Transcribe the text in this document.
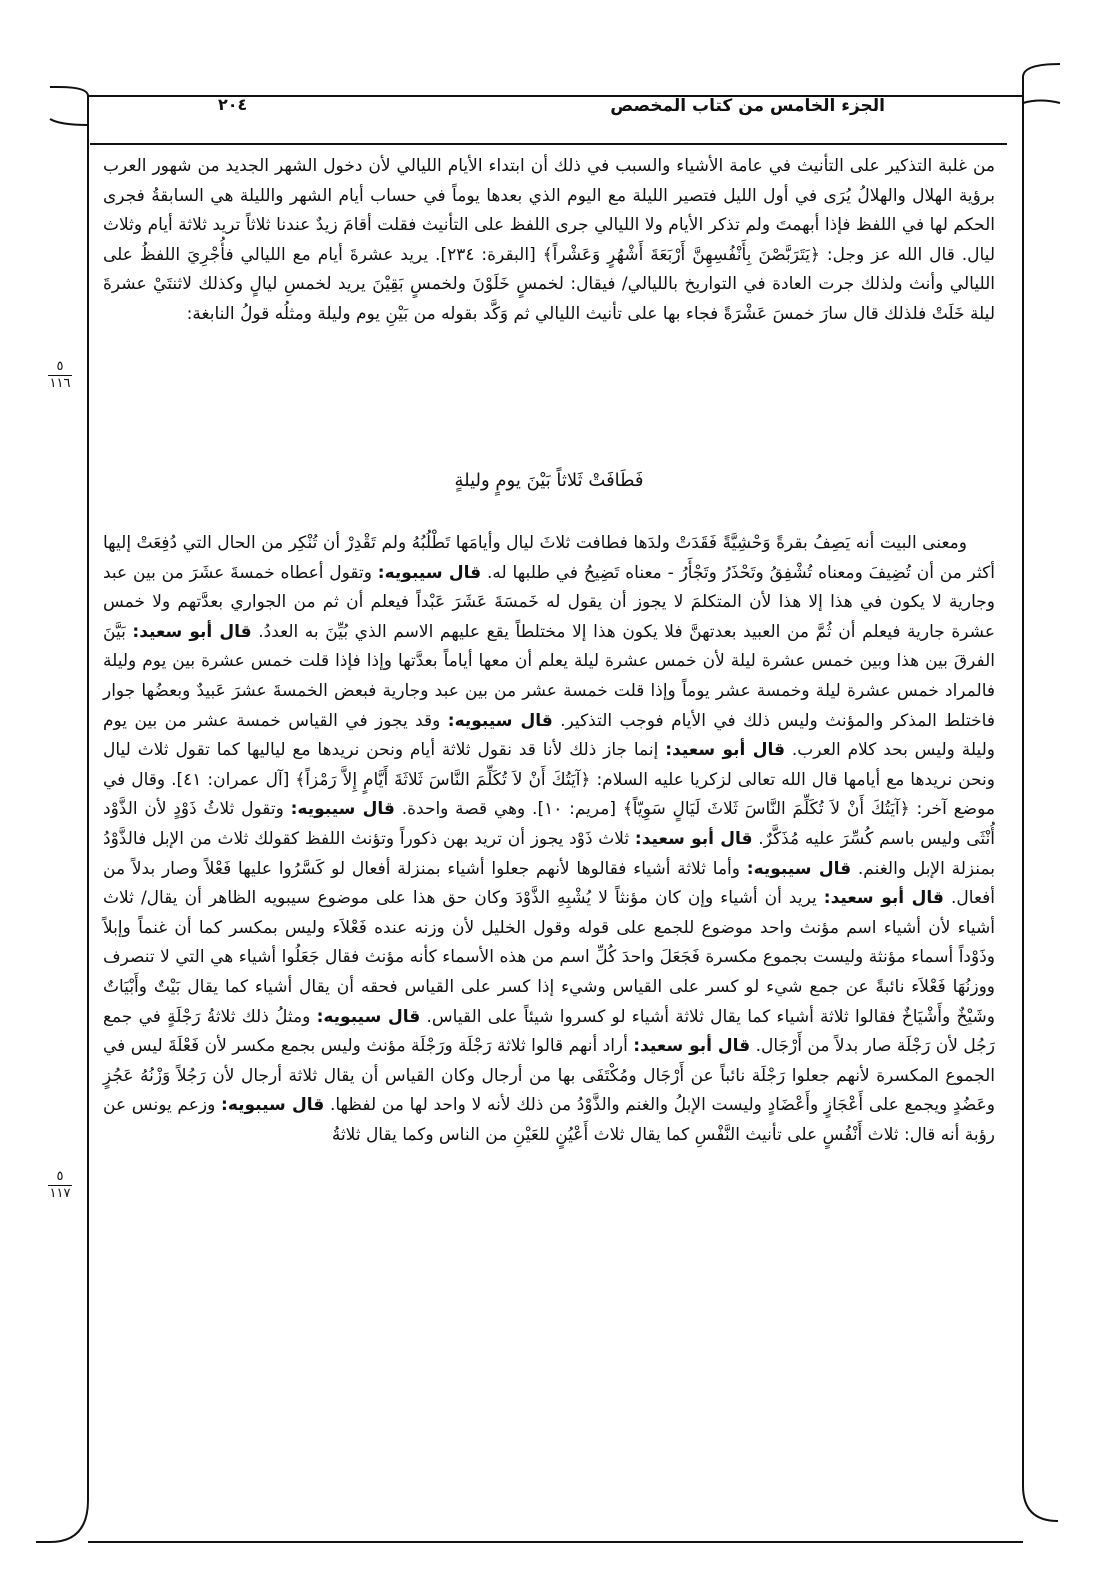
٢٠٤	الجزء الخامس من كتاب المخصص
٥
١١٦
٥
١١٧

من غلبة التذكير على التأنيث في عامة الأشياء والسبب في ذلك أن ابتداء الأيام الليالي لأن دخول الشهر الجديد من شهور العرب برؤية الهلال والهلالُ يُرَى في أول الليل فتصير الليلة مع اليوم الذي بعدها يوماً في حساب أيام الشهر والليلة هي السابقةُ فجرى الحكم لها في اللفظ فإذا أبهمتَ ولم تذكر الأيام ولا الليالي جرى اللفظ على التأنيث فقلت أقامَ زيدٌ عندنا ثلاثاً تريد ثلاثة أيام وثلاث ليال. قال الله عز وجل: ﴿يَتَرَبَّصْنَ بِأَنْفُسِهِنَّ أَرْبَعَةَ أَشْهُرٍ وَعَشْراً﴾ [البقرة: ٢٣٤]. يريد عشرةَ أيام مع الليالي فأُجْرِيَ اللفظُ على الليالي وأنث ولذلك جرت العادة في التواريخ بالليالي/ فيقال: لخمسٍ خَلَوْنَ ولخمسٍ بَقِيْنَ يريد لخمسِ ليالٍ وكذلك لاثنتَيْ عشرةَ ليلة خَلَتْ فلذلك قال سارَ خمسَ عَشْرَةً فجاء بها على تأنيث الليالي ثم وَكَّد بقوله من بَيْنِ يوم وليلة ومثلُه قولُ النابغة:

فَطَافَتْ ثَلاثاً بَيْنَ يومٍ وليلةٍ

ومعنى البيت أنه يَصِفُ بقرةً وَحْشِيَّةً فَقَدَتْ ولدَها فطافت ثلاثَ ليال وأيامَها تَطْلُبُهُ ولم تَقْدِرْ أن تُنْكِر من الحال التي دُفِعَتْ إليها أكثر من أن تُضِيفَ ومعناه تُشْفِقُ وتَحْذَرُ وتَجْأَرُ - معناه تَضِيحُ في طلبها له. قال سيبويه: وتقول أعطاه خمسةَ عشَرَ من بين عبد وجارية لا يكون في هذا إلا هذا لأن المتكلمَ لا يجوز أن يقول له خَمسَةَ عَشَرَ عَبْداً فيعلم أن ثم من الجواري بعدَّتهم ولا خمس عشرة جارية فيعلم أن ثُمَّ من العبيد بعدتهنَّ فلا يكون هذا إلا مختلطاً يقع عليهم الاسم الذي بُيِّنَ به العددُ. قال أبو سعيد: بَيَّنَ الفرقَ بين هذا وبين خمس عشرة ليلة لأن خمس عشرة ليلة يعلم أن معها أياماً بعدَّتها وإذا فإذا قلت خمس عشرة بين يوم وليلة فالمراد خمس عشرة ليلة وخمسة عشر يوماً وإذا قلت خمسة عشر من بين عبد وجارية فبعض الخمسةَ عشرَ عَبيدٌ وبعضُها جوار فاختلط المذكر والمؤنث وليس ذلك في الأيام فوجب التذكير. قال سيبويه: وقد يجوز في القياس خمسة عشر من بين يوم وليلة وليس بحد كلام العرب. قال أبو سعيد: إنما جاز ذلك لأنا قد نقول ثلاثة أيام ونحن نريدها مع لياليها كما تقول ثلاث ليال ونحن نريدها مع أيامها قال الله تعالى لزكريا عليه السلام: ﴿آيَتُكَ أَنْ لاَ تُكَلِّمَ النَّاسَ ثَلاثَةَ أَيَّامٍ إِلاَّ رَمْزاً﴾ [آل عمران: ٤١]. وقال في موضع آخر: ﴿آيَتُكَ أَنْ لاَ تُكَلِّمَ النَّاسَ ثَلاثَ لَيَالٍ سَوِيّاً﴾ [مريم: ١٠]. وهي قصة واحدة. قال سيبويه: وتقول ثلاثُ ذَوْدٍ لأن الذَّوْد أُنْثَى وليس باسم كُسِّرَ عليه مُذَكَّرٌ. قال أبو سعيد: ثلاث ذَوْد يجوز أن تريد بهن ذكوراً وتؤنث اللفظ كقولك ثلاث من الإبل فالذَّوْدُ بمنزلة الإبل والغنم. قال سيبويه: وأما ثلاثة أشياء فقالوها لأنهم جعلوا أشياء بمنزلة أفعال لو كَسَّرُوا عليها فَعْلاً وصار بدلاً من أفعال. قال أبو سعيد: يريد أن أشياء وإن كان مؤنثاً لا يُشْبِهِ الذَّوْدَ وكان حق هذا على موضوع سيبويه الظاهر أن يقال/ ثلاث أشياء لأن أشياء اسم مؤنث واحد موضوع للجمع على قوله وقول الخليل لأن وزنه عنده فَعْلاَء وليس بمكسر كما أن غنماً وإبلاً وذَوْداً أسماء مؤنثة وليست بجموع مكسرة فَجَعَلَ واحدَ كُلِّ اسم من هذه الأسماء كأنه مؤنث فقال جَعَلُوا أشياء هي التي لا تنصرف ووزنُهَا فَعْلاَء نائبةً عن جمع شيء لو كسر على القياس وشيء إذا كسر على القياس فحقه أن يقال أشياء كما يقال بَيْتٌ وأَبْيَاتٌ وشَيْخٌ وأَشْيَاخٌ فقالوا ثلاثة أشياء كما يقال ثلاثة أشياء لو كسروا شيئاً على القياس. قال سيبويه: ومثلُ ذلك ثلاثةُ رَجْلَةٍ في جمع رَجُل لأن رَجْلَة صار بدلاً من أَرْجَال. قال أبو سعيد: أراد أنهم قالوا ثلاثة رَجْلَة ورَجْلَة مؤنث وليس بجمع مكسر لأن فَعْلَةَ ليس في الجموع المكسرة لأنهم جعلوا رَجْلَة نائباً عن أَرْجَال ومُكْتَفَى بها من أرجال وكان القياس أن يقال ثلاثة أرجال لأن رَجُلاً وَزْنُهُ عَجُزٍ وعَضُدٍ ويجمع على أَعْجَازٍ وأَعْضَادٍ وليست الإبلُ والغنم والذَّوْدُ من ذلك لأنه لا واحد لها من لفظها. قال سيبويه: وزعم يونس عن رؤبة أنه قال: ثلاث أَنْفُسٍ على تأنيث النَّفْسِ كما يقال ثلاث أَعْيُنٍ للعَيْنِ من الناس وكما يقال ثلاثةُ
